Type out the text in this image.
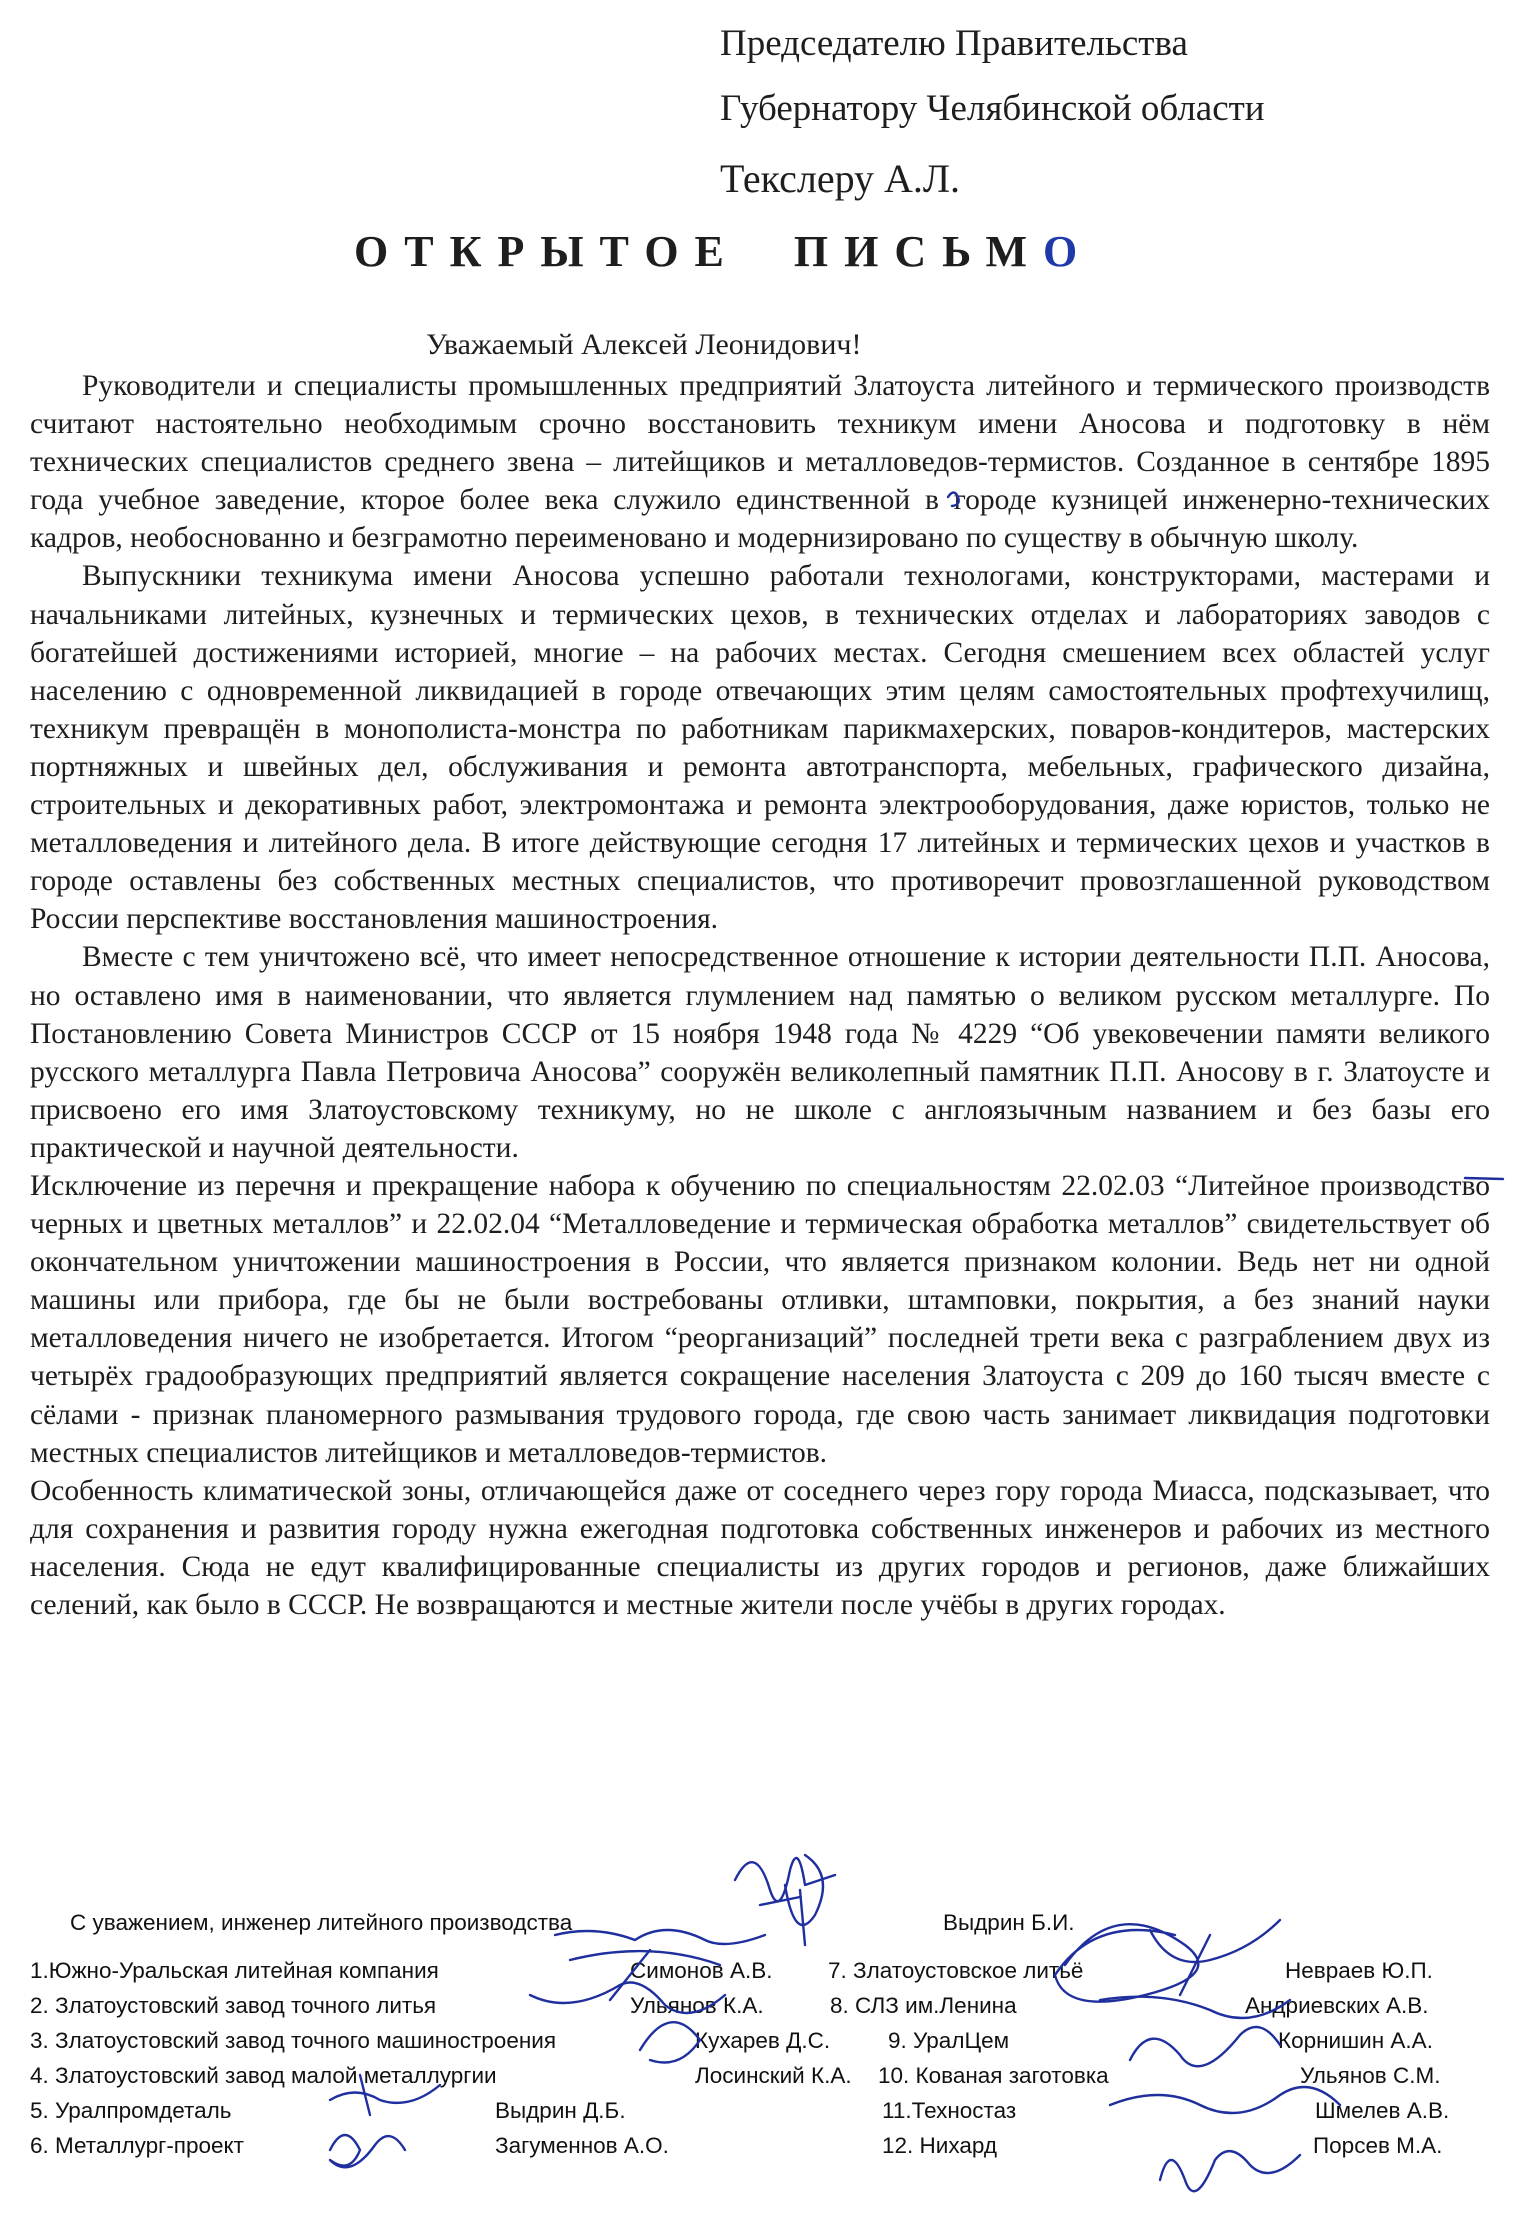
Председателю Правительства
Губернатору Челябинской области
Текслеру А.Л.
ОТКРЫТОЕ  ПИСЬМО
Уважаемый Алексей Леонидович!

Руководители и специалисты промышленных предприятий Златоуста литейного и термического производств считают настоятельно необходимым срочно восстановить техникум имени Аносова и подготовку в нём технических специалистов среднего звена – литейщиков и металловедов-термистов. Созданное в сентябре 1895 года учебное заведение, ктороe более века служило единственной в городе кузницей инженерно-технических кадров, необоснованно и безграмотно переименовано и модернизировано по существу в обычную школу.

Выпускники техникума имени Аносова успешно работали технологами, конструкторами, мастерами и начальниками литейных, кузнечных и термических цехов, в технических отделах и лабораториях заводов с богатейшей достижениями историей, многие – на рабочих местах. Сегодня смешением всех областей услуг населению с одновременной ликвидацией в городе отвечающих этим целям самостоятельных профтехучилищ, техникум превращён в монополиста-монстра по работникам парикмахерских, поваров-кондитеров, мастерских портняжных и швейных дел, обслуживания и ремонта автотранспорта, мебельных, графического дизайна, строительных и декоративных работ, электромонтажа и ремонта электрооборудования, даже юристов, только не металловедения и литейного дела. В итоге действующие сегодня 17 литейных и термических цехов и участков в городе оставлены без собственных местных специалистов, что противоречит провозглашенной руководством России перспективе восстановления машиностроения.

Вместе с тем уничтожено всё, что имеет непосредственное отношение к истории деятельности П.П. Аносова, но оставлено имя в наименовании, что является глумлением над памятью о великом русском металлурге. По Постановлению Совета Министров СССР от 15 ноября 1948 года № 4229 “Об увековечении памяти великого русского металлурга Павла Петровича Аносова” сооружён великолепный памятник П.П. Аносову в г. Златоусте и присвоено его имя Златоустовскому техникуму, но не школе с англоязычным названием и без базы его практической и научной деятельности.

Исключение из перечня и прекращение набора к обучению по специальностям 22.02.03 “Литейное производство черных и цветных металлов” и 22.02.04 “Металловедение и термическая обработка металлов” свидетельствует об окончательном уничтожении машиностроения в России, что является признаком колонии. Ведь нет ни одной машины или прибора, где бы не были востребованы отливки, штамповки, покрытия, а без знаний науки металловедения ничего не изобретается. Итогом “реорганизаций” последней трети века с разграблением двух из четырёх градообразующих предприятий является сокращение населения Златоуста с 209 до 160 тысяч вместе с сёлами - признак планомерного размывания трудового города, где свою часть занимает ликвидация подготовки местных специалистов литейщиков и металловедов-термистов.

Особенность климатической зоны, отличающейся даже от соседнего через гору города Миасса, подсказывает, что для сохранения и развития городу нужна ежегодная подготовка собственных инженеров и рабочих из местного населения. Сюда не едут квалифицированные специалисты из других городов и регионов, даже ближайших селений, как было в СССР. Не возвращаются и местные жители после учёбы в других городах.

С уважением, инженер литейного производства	Выдрин Б.И.
1.Южно-Уральская литейная компания	Симонов А.В. 7. Златоустовское литьё	Невраев Ю.П.
2. Златоустовский завод точного литья	Ульянов К.А.	8. СЛЗ им.Ленина	Андриевских А.В.
3. Златоустовский завод точного машиностроения	Кухарев Д.С.	9. УралЦем	Корнишин А.А.
4. Златоустовский завод малой металлургии	Лосинский К.А. 10. Кованая заготовка	Ульянов С.М.
5. Уралпромдеталь	Выдрин Д.Б.	11.Техностаз	Шмелев А.В.
6. Металлург-проект	Загуменнов А.О.	12. Нихард	Порсев М.А.
